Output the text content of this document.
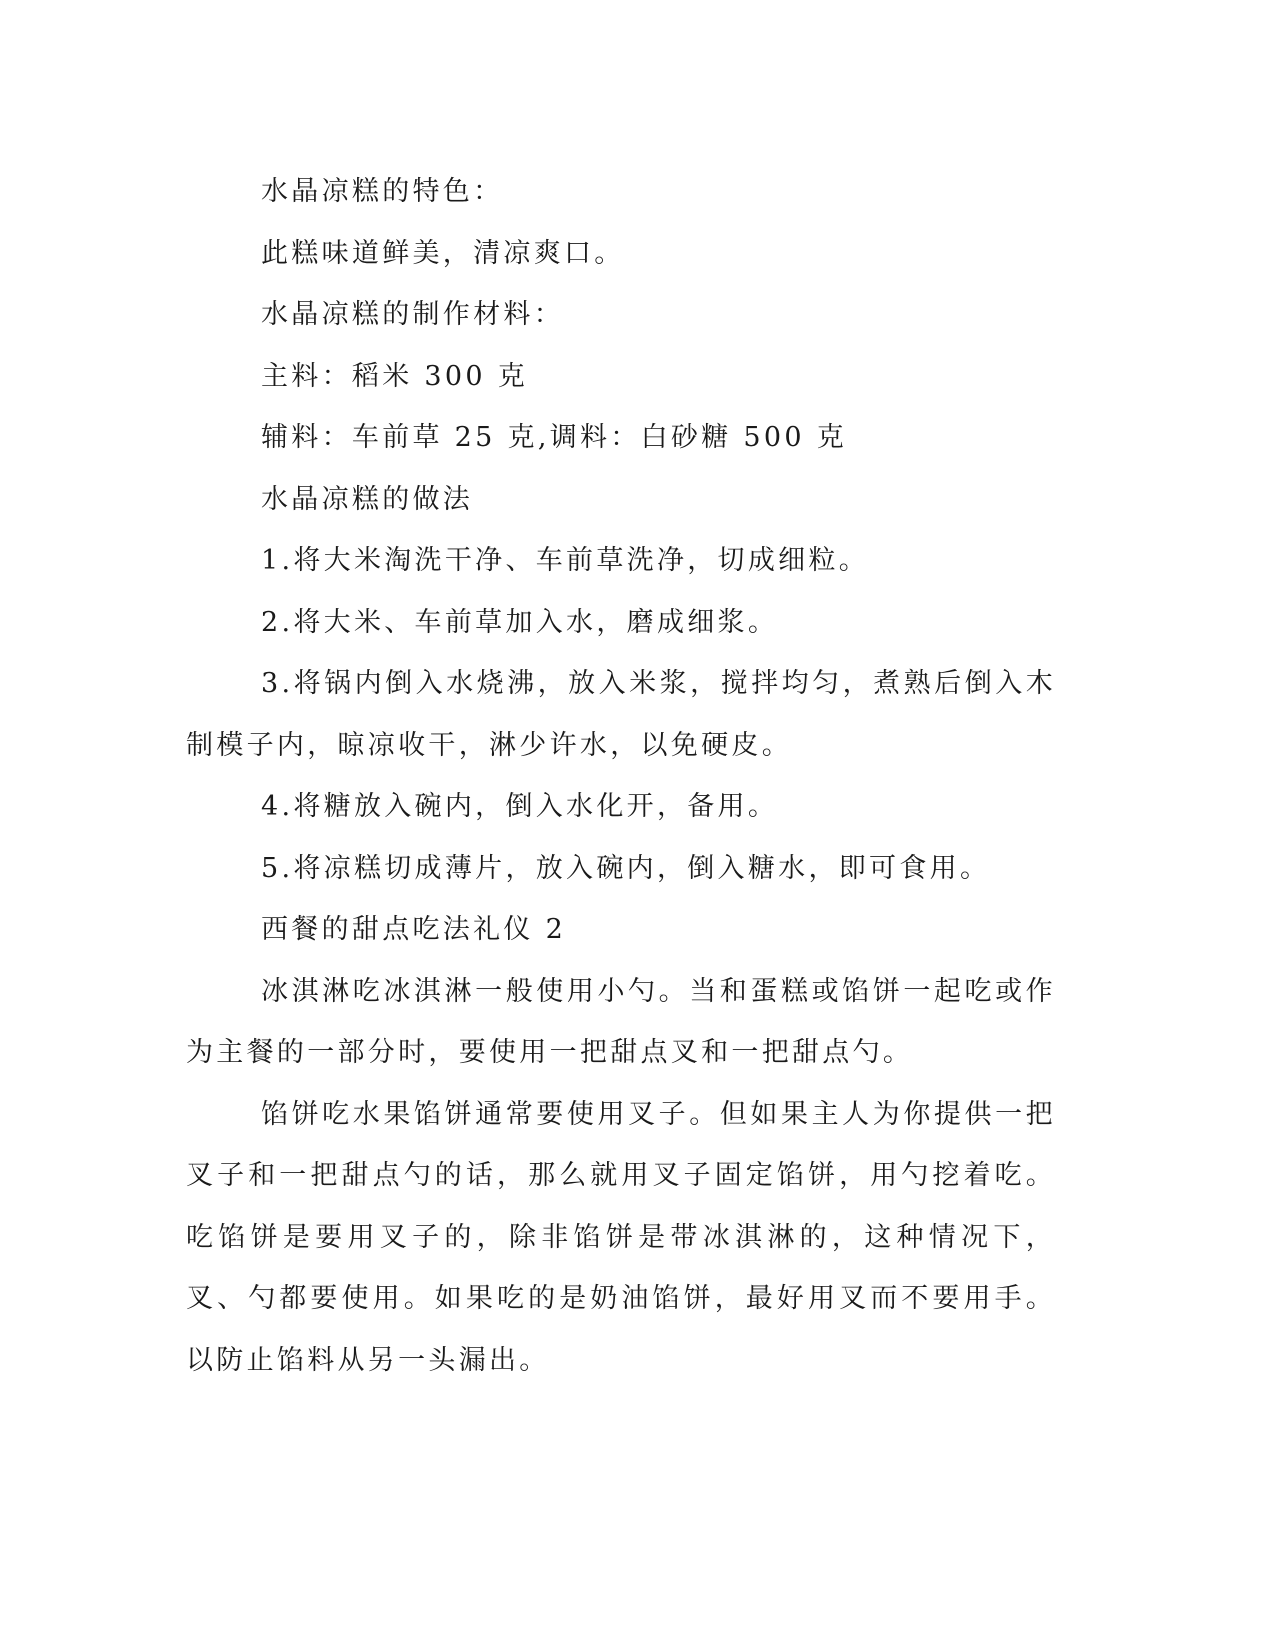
水晶凉糕的特色：

此糕味道鲜美，清凉爽口。

水晶凉糕的制作材料：

主料：稻米 300 克

辅料：车前草 25 克,调料：白砂糖 500 克

水晶凉糕的做法

1.将大米淘洗干净、车前草洗净，切成细粒。

2.将大米、车前草加入水，磨成细浆。

3.将锅内倒入水烧沸，放入米浆，搅拌均匀，煮熟后倒入木制模子内，晾凉收干，淋少许水，以免硬皮。

4.将糖放入碗内，倒入水化开，备用。

5.将凉糕切成薄片，放入碗内，倒入糖水，即可食用。

西餐的甜点吃法礼仪 2

冰淇淋吃冰淇淋一般使用小勺。当和蛋糕或馅饼一起吃或作为主餐的一部分时，要使用一把甜点叉和一把甜点勺。

馅饼吃水果馅饼通常要使用叉子。但如果主人为你提供一把叉子和一把甜点勺的话，那么就用叉子固定馅饼，用勺挖着吃。吃馅饼是要用叉子的，除非馅饼是带冰淇淋的，这种情况下，叉、勺都要使用。如果吃的是奶油馅饼，最好用叉而不要用手。以防止馅料从另一头漏出。
